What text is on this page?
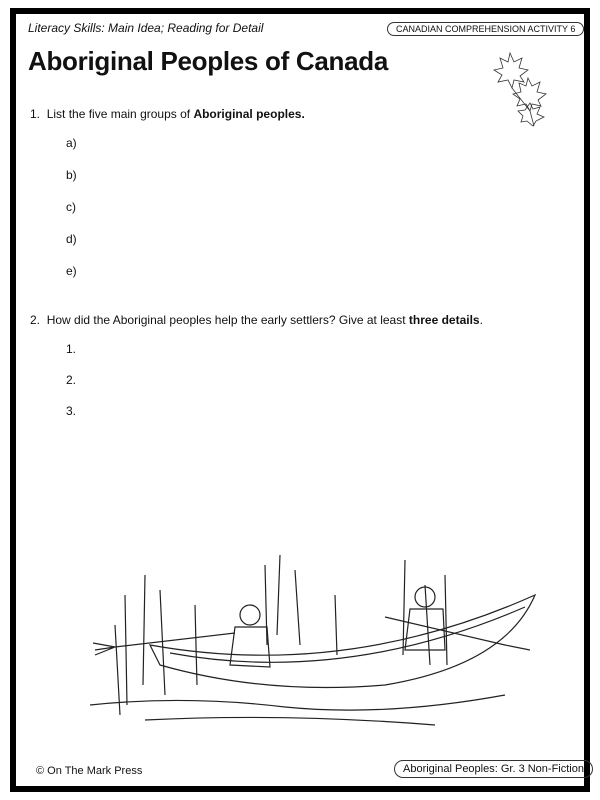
Literacy Skills: Main Idea; Reading for Detail	CANADIAN COMPREHENSION ACTIVITY 6
Aboriginal Peoples of Canada
1. List the five main groups of Aboriginal peoples.
a)
b)
c)
d)
e)
2. How did the Aboriginal peoples help the early settlers? Give at least three details.
1.
2.
3.
© On The Mark Press	Aboriginal Peoples: Gr. 3 Non-Fiction
